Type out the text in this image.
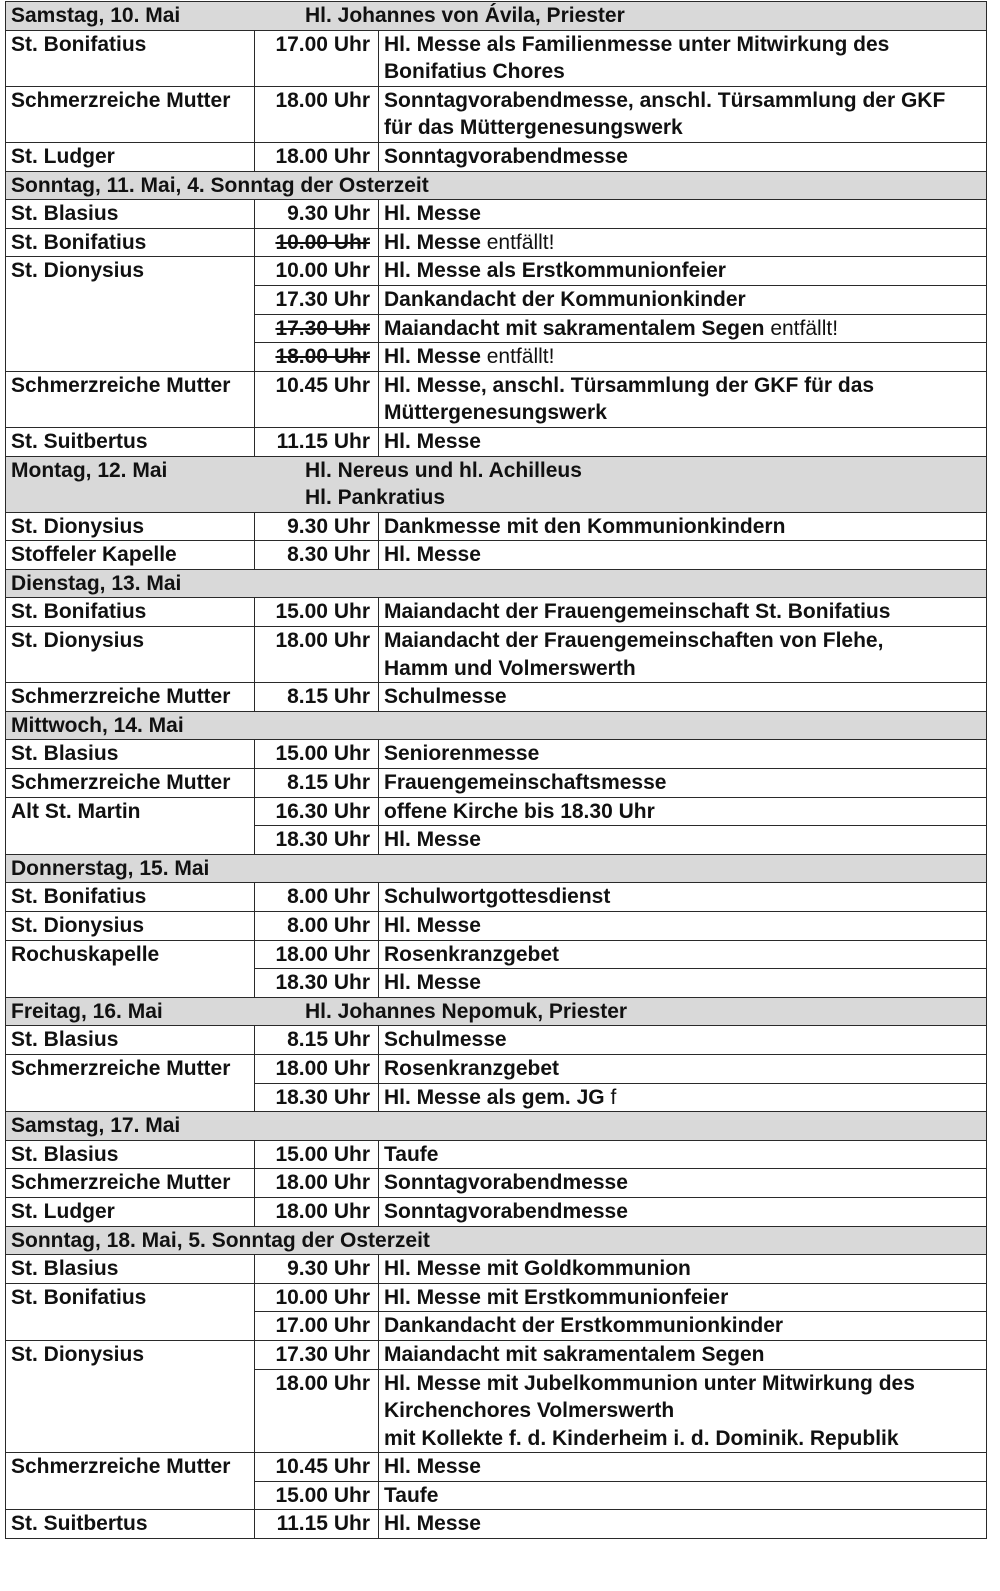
Samstag, 10. Mai Hl. Johannes von Ávila, Priester		

St. Bonifatius	17.00 Uhr	Hl. Messe als Familienmesse unter Mitwirkung des
Bonifatius Chores

Schmerzreiche Mutter	18.00 Uhr	Sonntagvorabendmesse, anschl. Türsammlung der GKF
für das Müttergenesungswerk

St. Ludger	18.00 Uhr	Sonntagvorabendmesse

Sonntag, 11. Mai, 4. Sonntag der Osterzeit		
St. Blasius	9.30 Uhr	Hl. Messe

St. Bonifatius	10.00 Uhr	Hl. Messe entfällt!

St. Dionysius	10.00 Uhr	Hl. Messe als Erstkommunionfeier

	17.30 Uhr	Dankandacht der Kommunionkinder

	17.30 Uhr	Maiandacht mit sakramentalem Segen entfällt!

	18.00 Uhr	Hl. Messe entfällt!

Schmerzreiche Mutter	10.45 Uhr	Hl. Messe, anschl. Türsammlung der GKF für das
Müttergenesungswerk

St. Suitbertus	11.15 Uhr	Hl. Messe

Montag, 12. Mai Hl. Nereus und hl. Achilleus
Hl. Pankratius		

St. Dionysius	9.30 Uhr	Dankmesse mit den Kommunionkindern

Stoffeler Kapelle	8.30 Uhr	Hl. Messe

Dienstag, 13. Mai		
St. Bonifatius	15.00 Uhr	Maiandacht der Frauengemeinschaft St. Bonifatius

St. Dionysius	18.00 Uhr	Maiandacht der Frauengemeinschaften von Flehe,
Hamm und Volmerswerth

Schmerzreiche Mutter	8.15 Uhr	Schulmesse

Mittwoch, 14. Mai		
St. Blasius	15.00 Uhr	Seniorenmesse

Schmerzreiche Mutter	8.15 Uhr	Frauengemeinschaftsmesse

Alt St. Martin	16.30 Uhr	offene Kirche bis 18.30 Uhr

	18.30 Uhr	Hl. Messe

Donnerstag, 15. Mai		
St. Bonifatius	8.00 Uhr	Schulwortgottesdienst

St. Dionysius	8.00 Uhr	Hl. Messe

Rochuskapelle	18.00 Uhr	Rosenkranzgebet

	18.30 Uhr	Hl. Messe

Freitag, 16. Mai Hl. Johannes Nepomuk, Priester		

St. Blasius	8.15 Uhr	Schulmesse

Schmerzreiche Mutter	18.00 Uhr	Rosenkranzgebet

	18.30 Uhr	Hl. Messe als gem. JG f

Samstag, 17. Mai		
St. Blasius	15.00 Uhr	Taufe

Schmerzreiche Mutter	18.00 Uhr	Sonntagvorabendmesse

St. Ludger	18.00 Uhr	Sonntagvorabendmesse

Sonntag, 18. Mai, 5. Sonntag der Osterzeit		
St. Blasius	9.30 Uhr	Hl. Messe mit Goldkommunion

St. Bonifatius	10.00 Uhr	Hl. Messe mit Erstkommunionfeier

	17.00 Uhr	Dankandacht der Erstkommunionkinder

St. Dionysius	17.30 Uhr	Maiandacht mit sakramentalem Segen

	18.00 Uhr	Hl. Messe mit Jubelkommunion unter Mitwirkung des
Kirchenchores Volmerswerth
mit Kollekte f. d. Kinderheim i. d. Dominik. Republik

Schmerzreiche Mutter	10.45 Uhr	Hl. Messe

	15.00 Uhr	Taufe

St. Suitbertus	11.15 Uhr	Hl. Messe
